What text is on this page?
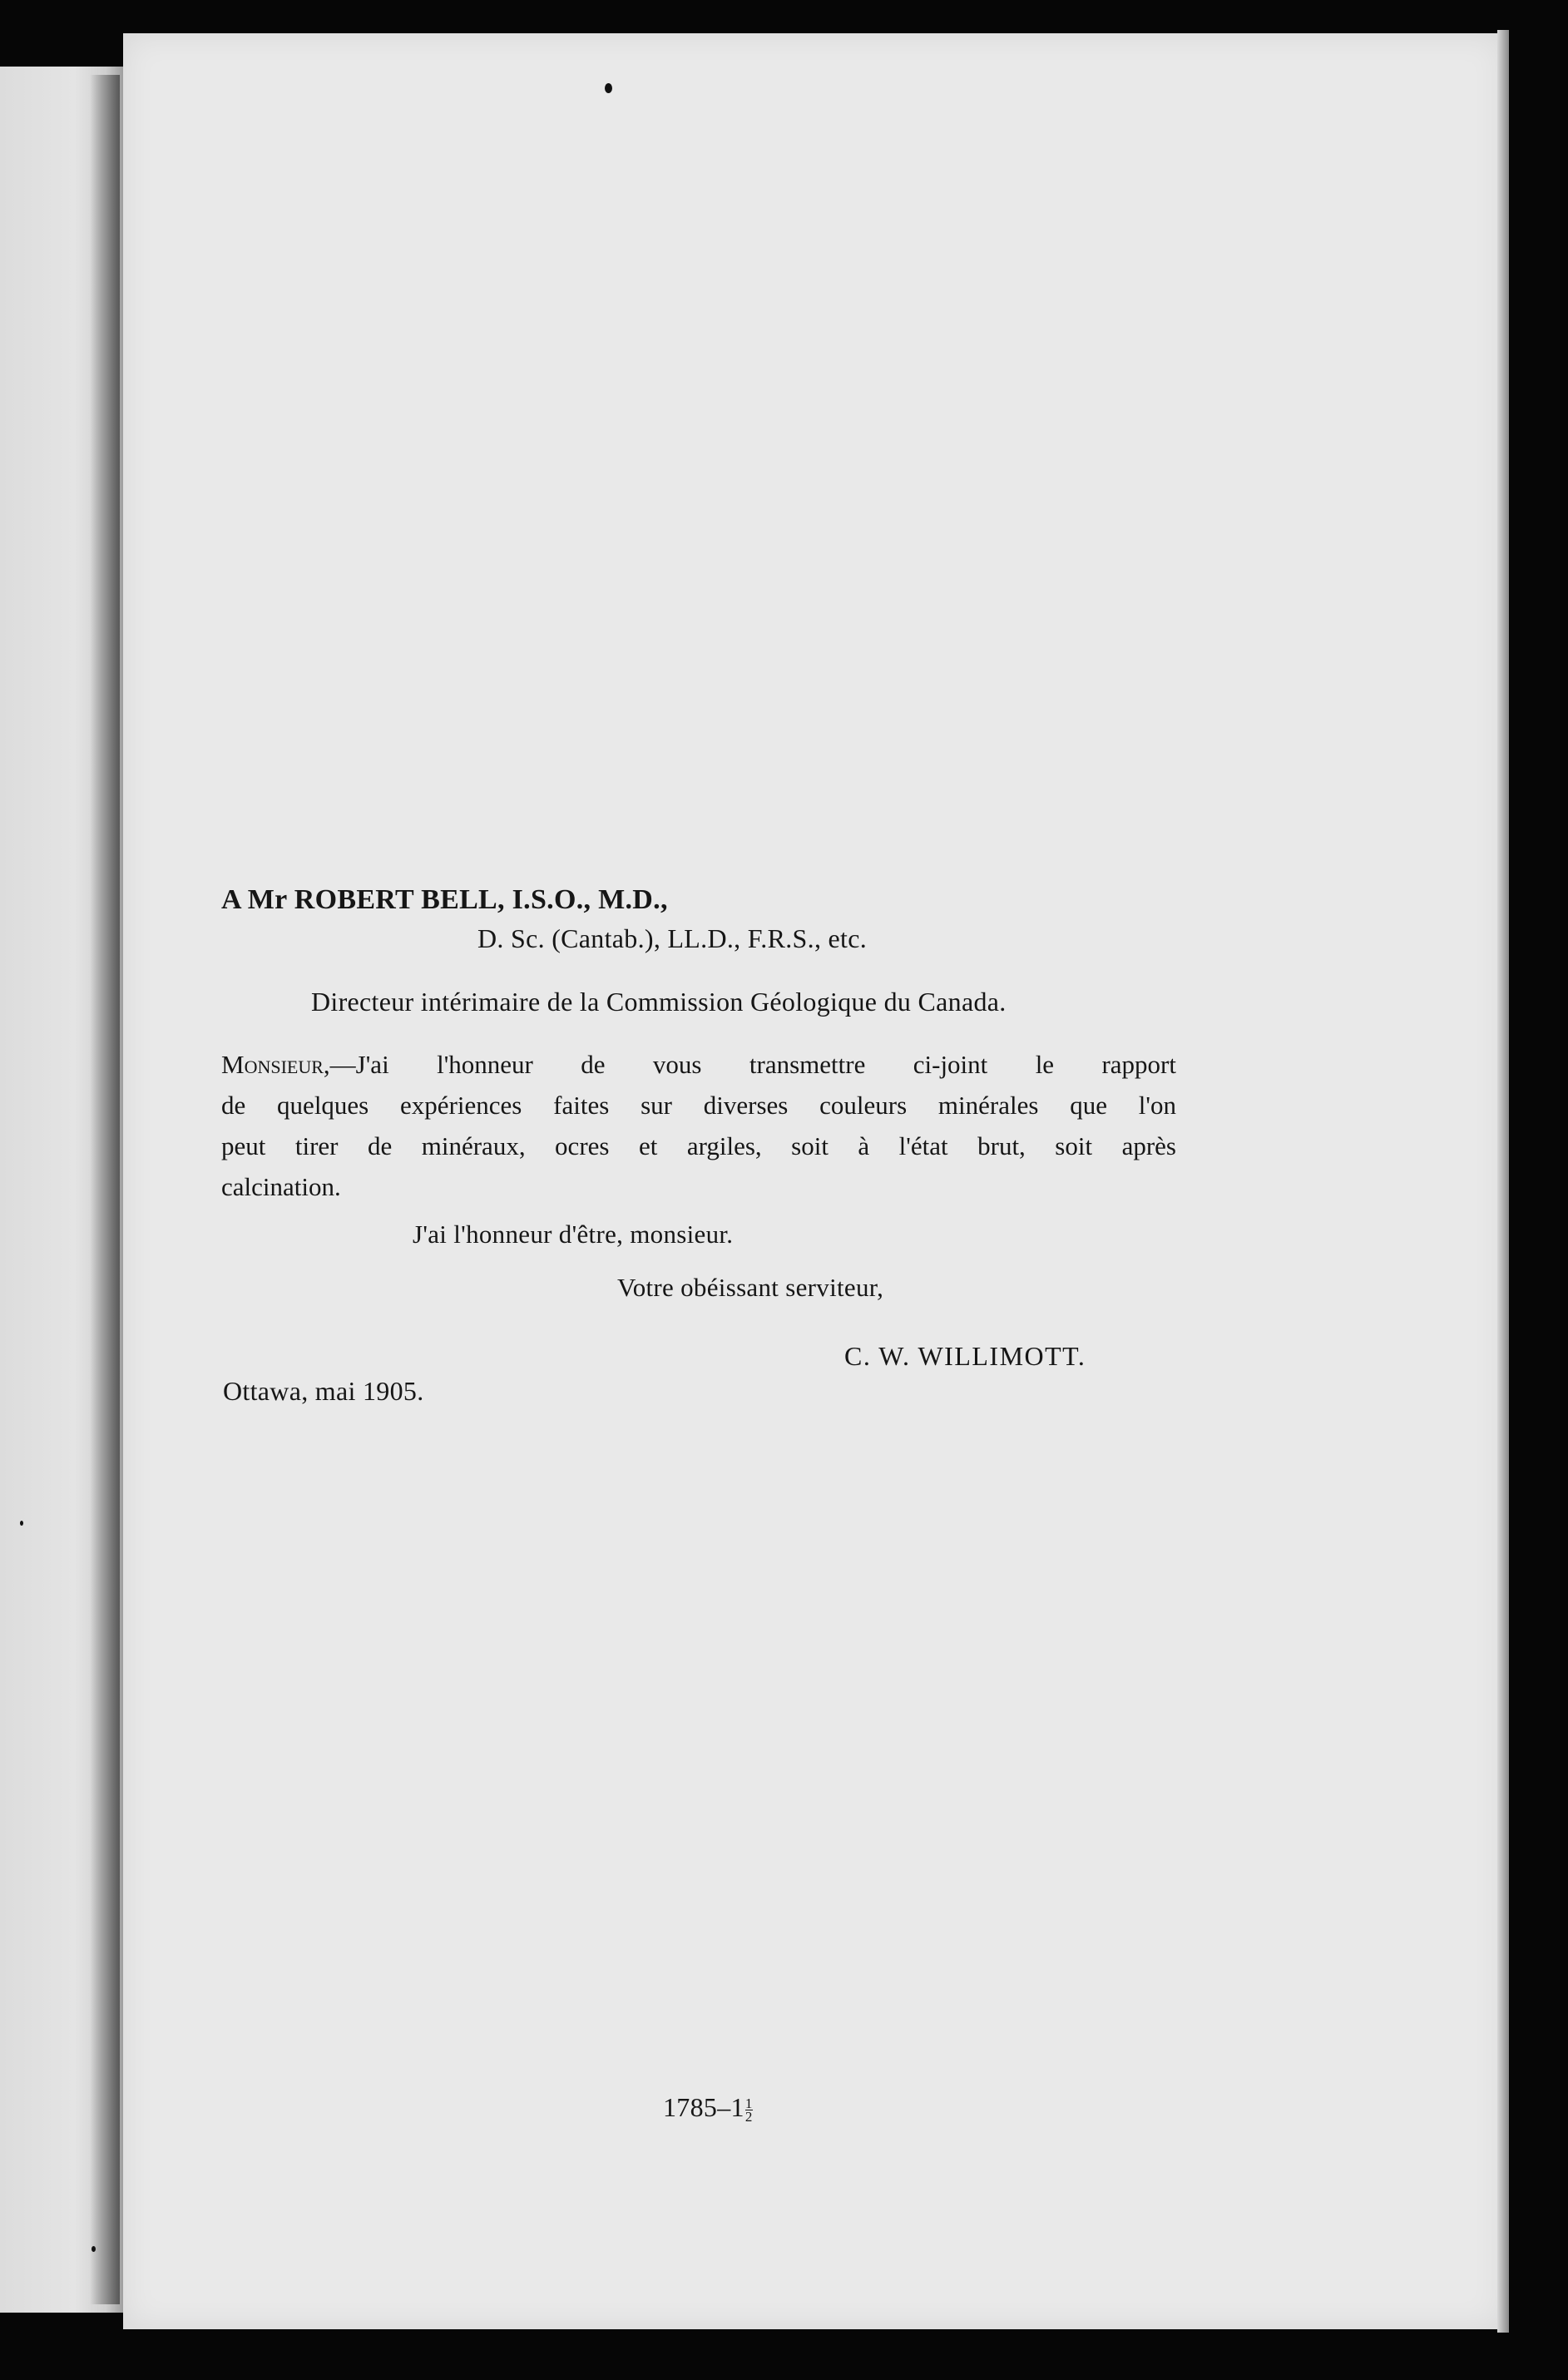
A Mr ROBERT BELL, I.S.O., M.D.,
D. Sc. (Cantab.), LL.D., F.R.S., etc.
Directeur intérimaire de la Commission Géologique du Canada.
Monsieur,—J'ai l'honneur de vous transmettre ci-joint le rapport
de quelques expériences faites sur diverses couleurs minérales que l'on
peut tirer de minéraux, ocres et argiles, soit à l'état brut, soit après
calcination.
J'ai l'honneur d'être, monsieur.
Votre obéissant serviteur,
C. W. WILLIMOTT.
Ottawa, mai 1905.
$1785-1 \frac{1}{2}$
